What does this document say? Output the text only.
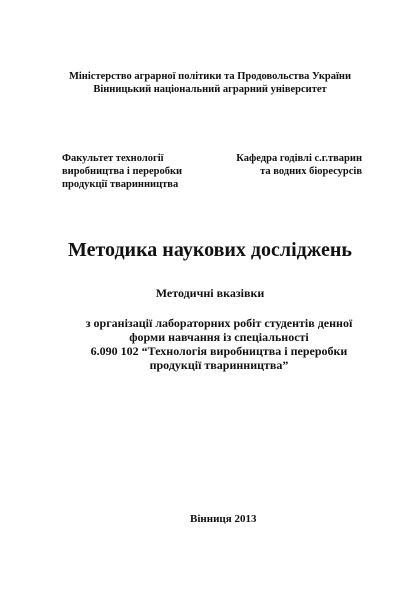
Міністерство аграрної політики та Продовольства України
Вінницький національний аграрний університет
Факультет технології
виробництва і переробки
продукції тваринництва
Кафедра годівлі с.г.тварин
та водних біоресурсів
Методика наукових досліджень
Методичні вказівки
з організації лабораторних робіт студентів денної
форми навчання із спеціальності
6.090 102 “Технологія виробництва і переробки
продукції тваринництва”
Вінниця 2013
